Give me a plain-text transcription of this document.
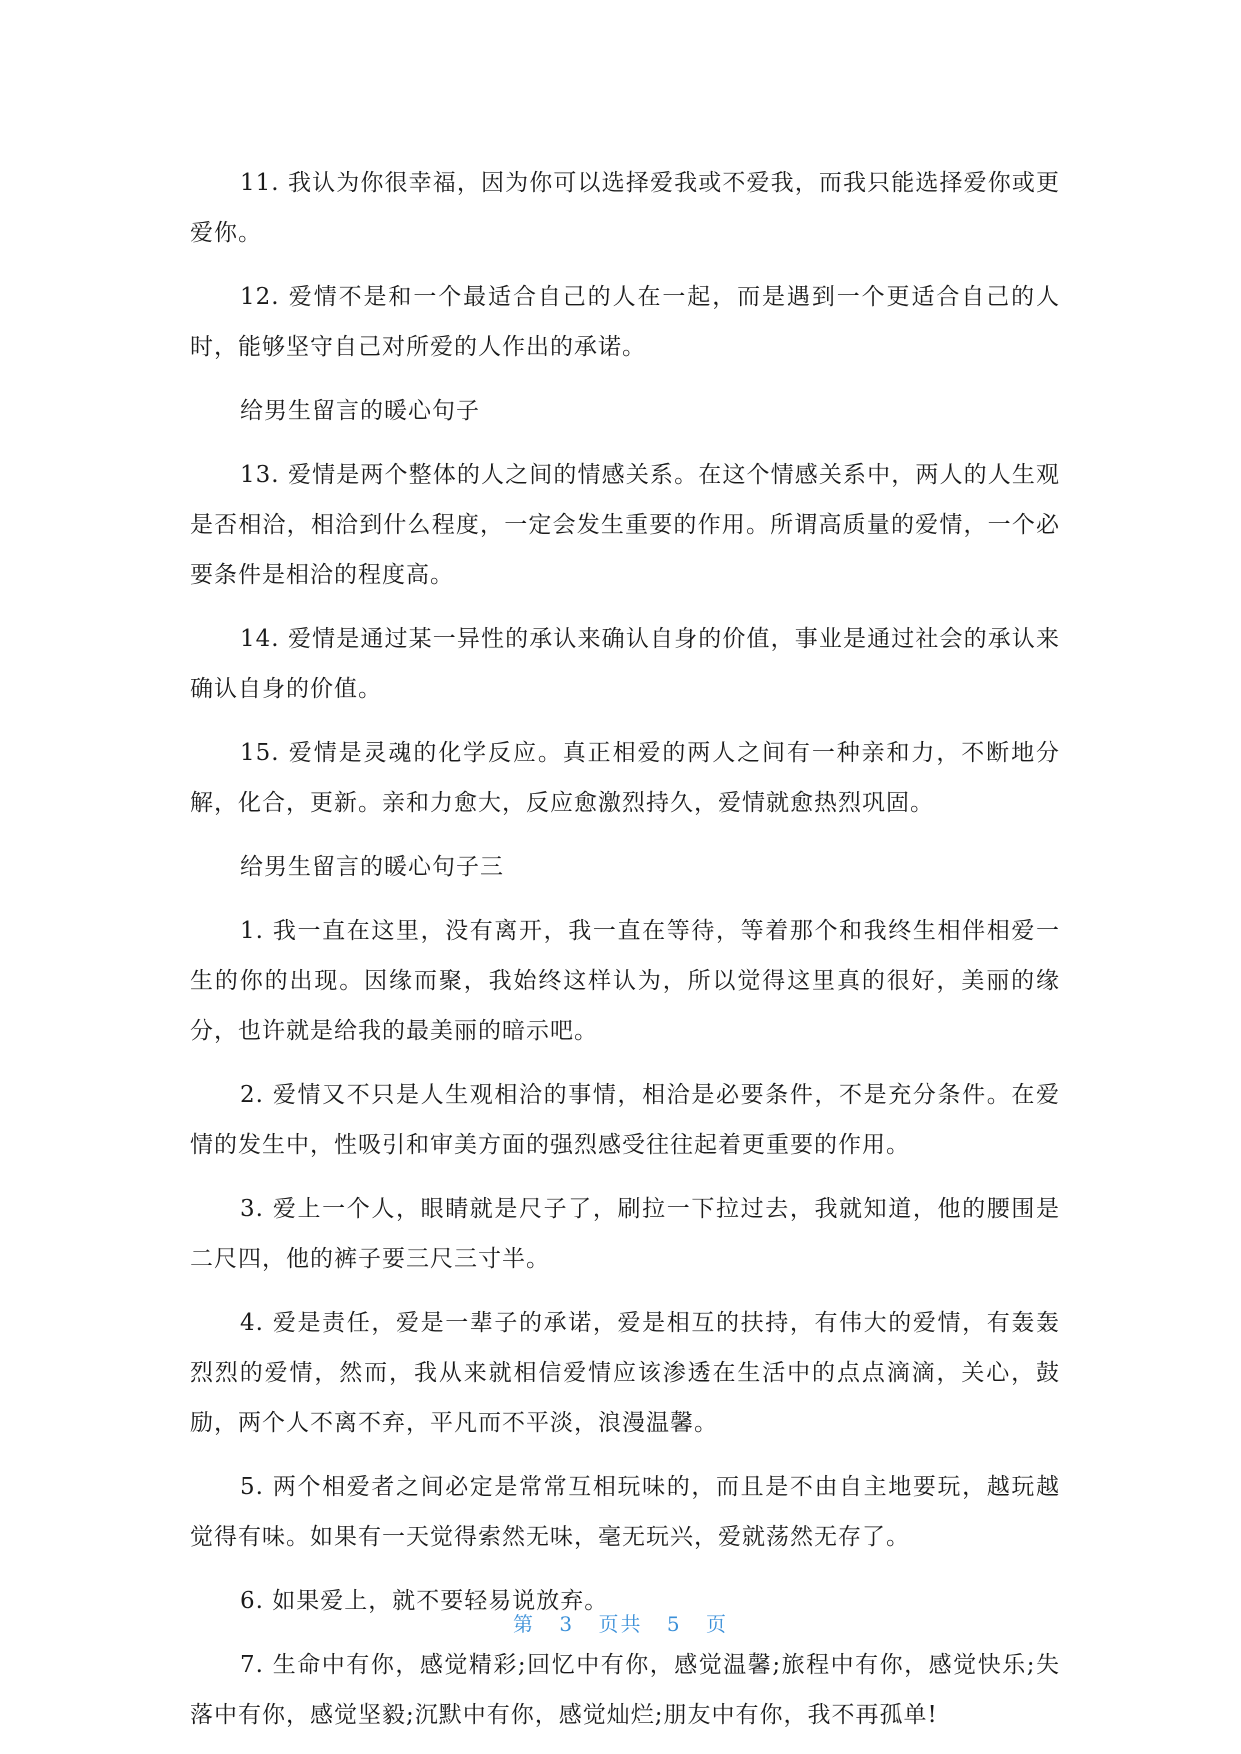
11. 我认为你很幸福，因为你可以选择爱我或不爱我，而我只能选择爱你或更爱你。

12. 爱情不是和一个最适合自己的人在一起，而是遇到一个更适合自己的人时，能够坚守自己对所爱的人作出的承诺。

给男生留言的暖心句子

13. 爱情是两个整体的人之间的情感关系。在这个情感关系中，两人的人生观是否相洽，相洽到什么程度，一定会发生重要的作用。所谓高质量的爱情，一个必要条件是相洽的程度高。

14. 爱情是通过某一异性的承认来确认自身的价值，事业是通过社会的承认来确认自身的价值。

15. 爱情是灵魂的化学反应。真正相爱的两人之间有一种亲和力，不断地分解，化合，更新。亲和力愈大，反应愈激烈持久，爱情就愈热烈巩固。

给男生留言的暖心句子三

1. 我一直在这里，没有离开，我一直在等待，等着那个和我终生相伴相爱一生的你的出现。因缘而聚，我始终这样认为，所以觉得这里真的很好，美丽的缘分，也许就是给我的最美丽的暗示吧。

2. 爱情又不只是人生观相洽的事情，相洽是必要条件，不是充分条件。在爱情的发生中，性吸引和审美方面的强烈感受往往起着更重要的作用。

3. 爱上一个人，眼睛就是尺子了，刷拉一下拉过去，我就知道，他的腰围是二尺四，他的裤子要三尺三寸半。

4. 爱是责任，爱是一辈子的承诺，爱是相互的扶持，有伟大的爱情，有轰轰烈烈的爱情，然而，我从来就相信爱情应该渗透在生活中的点点滴滴，关心，鼓励，两个人不离不弃，平凡而不平淡，浪漫温馨。

5. 两个相爱者之间必定是常常互相玩味的，而且是不由自主地要玩，越玩越觉得有味。如果有一天觉得索然无味，毫无玩兴，爱就荡然无存了。

6. 如果爱上，就不要轻易说放弃。

7. 生命中有你，感觉精彩;回忆中有你，感觉温馨;旅程中有你，感觉快乐;失落中有你，感觉坚毅;沉默中有你，感觉灿烂;朋友中有你，我不再孤单!

第 3 页共 5 页
